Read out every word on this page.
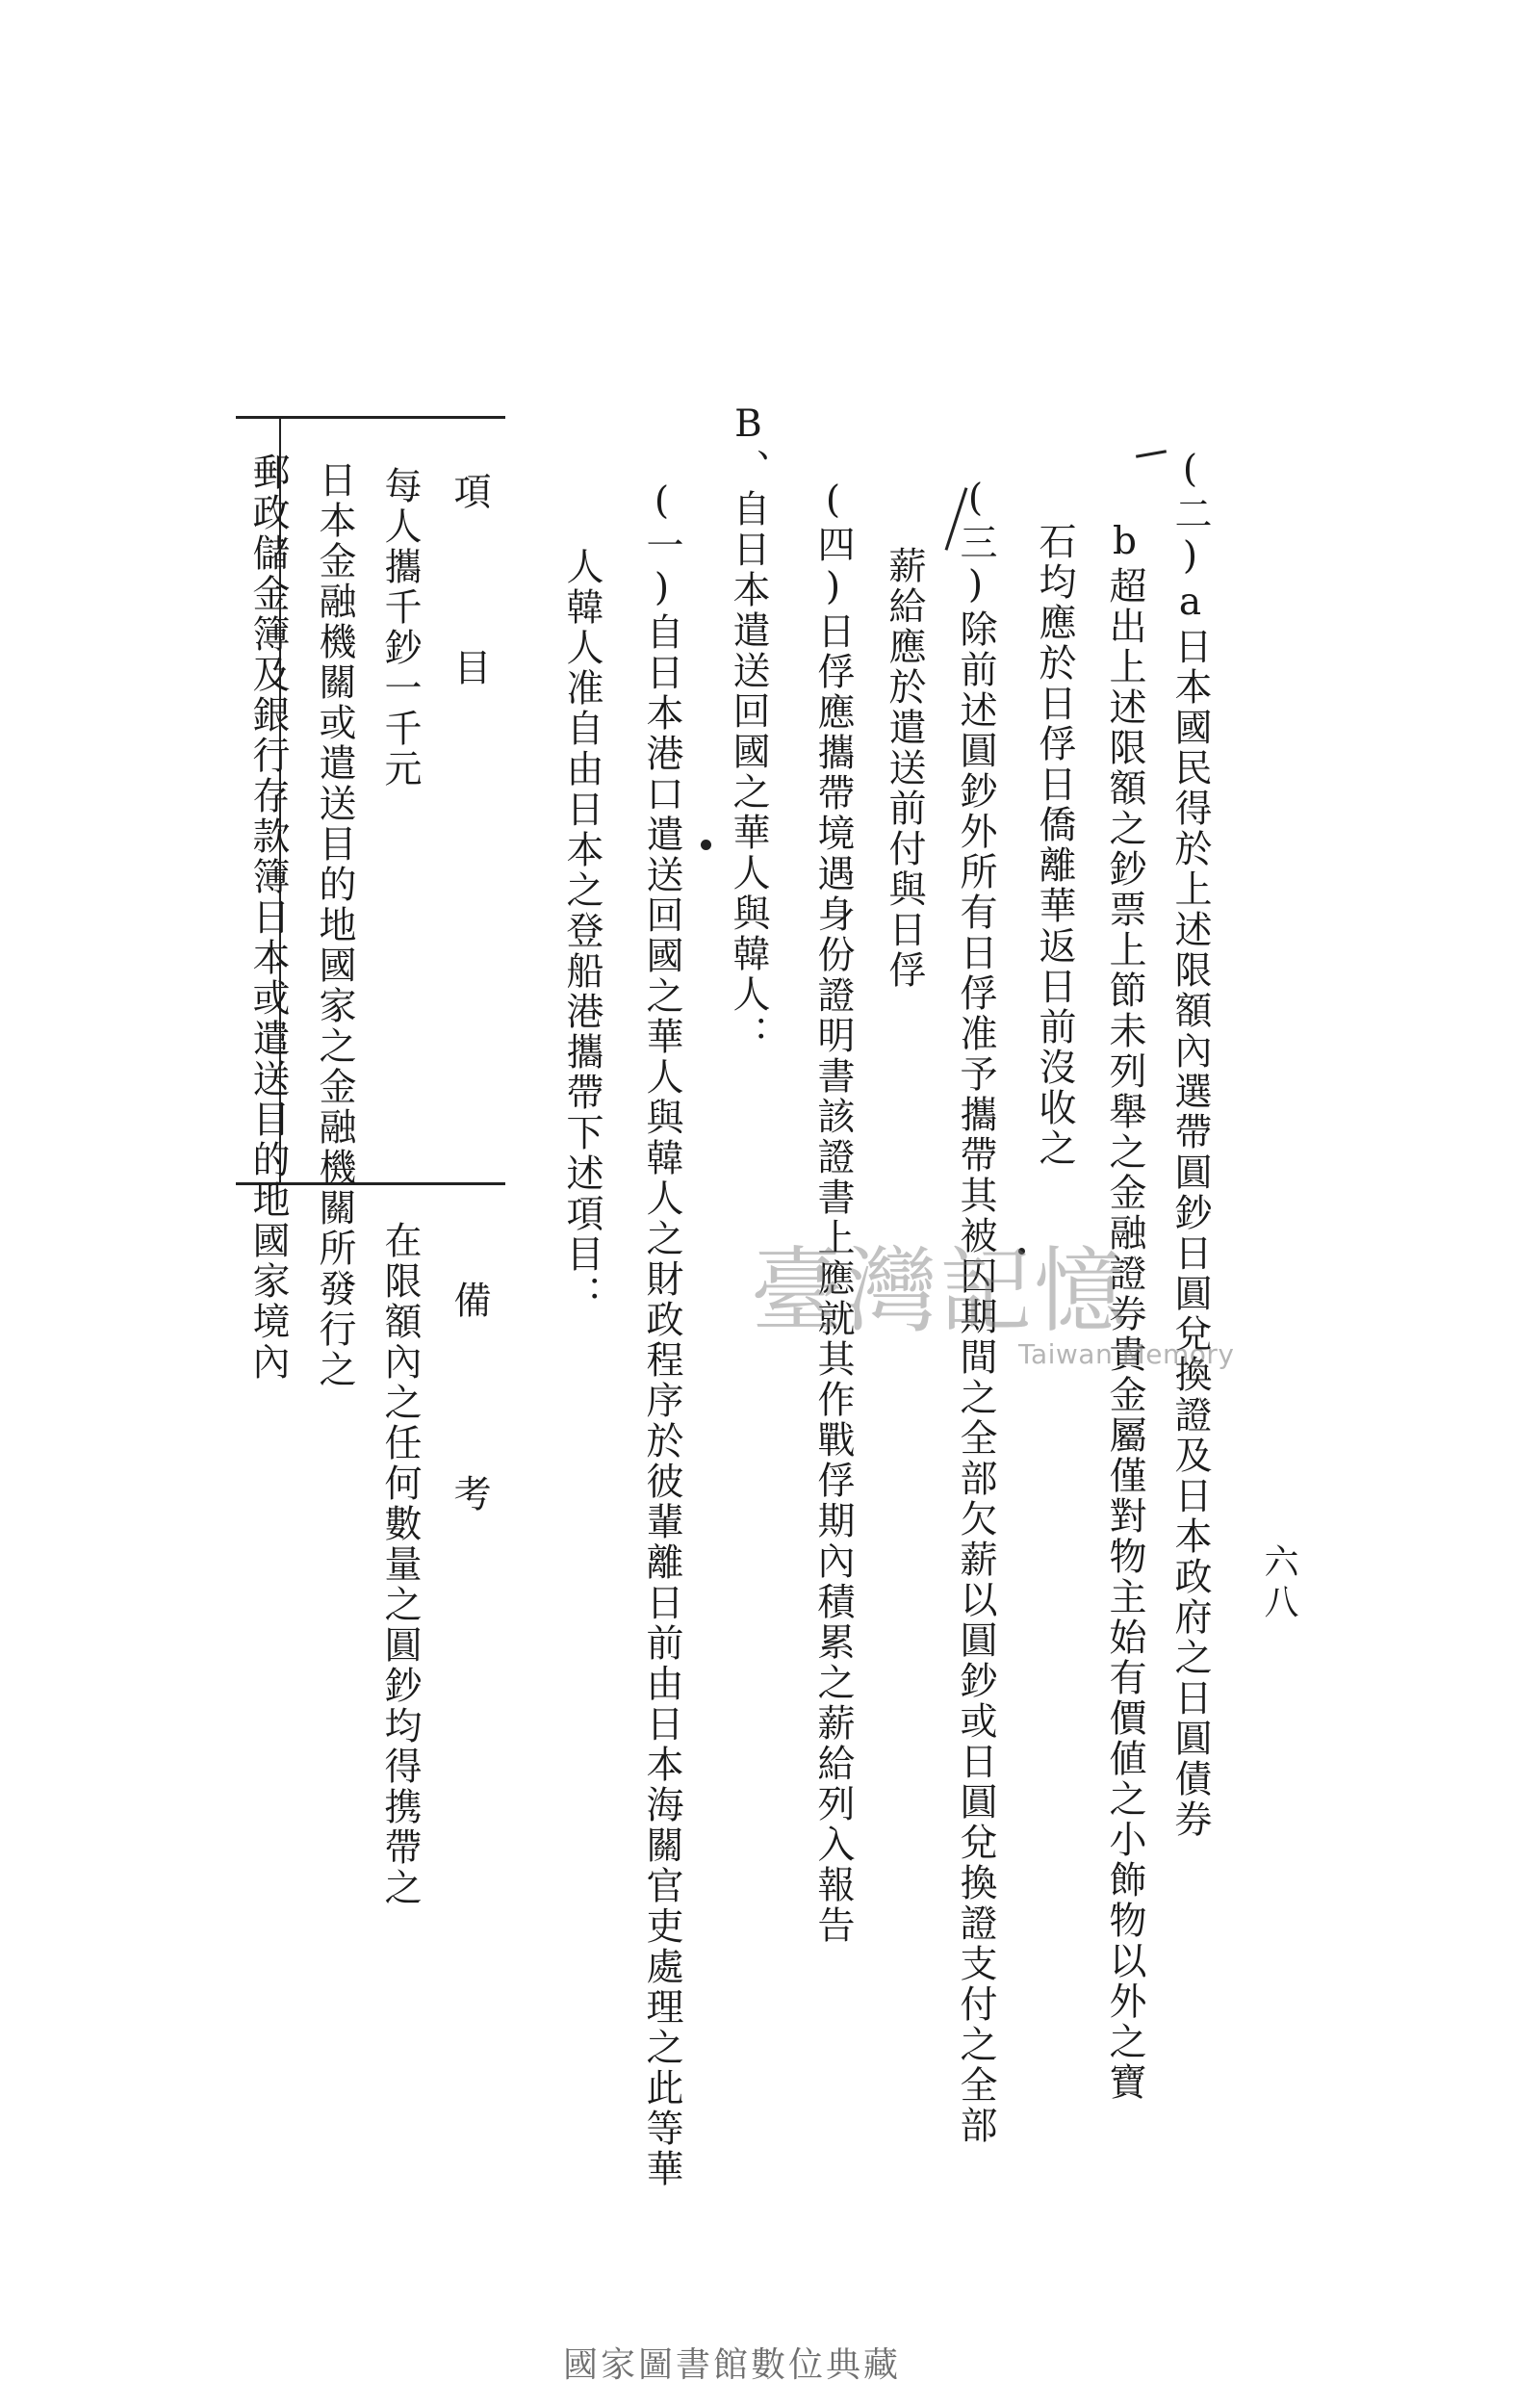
六八
(二)a日本國民得於上述限額內選帶圓鈔日圓兌換證及日本政府之日圓債券
b超出上述限額之鈔票上節未列舉之金融證券貴金屬僅對物主始有價値之小飾物以外之寶
石均應於日俘日僑離華返日前沒收之
(三)除前述圓鈔外所有日俘准予攜帶其被囚期間之全部欠薪以圓鈔或日圓兌換證支付之全部
薪給應於遣送前付與日俘
(四)日俘應攜帶境遇身份證明書該證書上應就其作戰俘期內積累之薪給列入報告
B、自日本遣送回國之華人與韓人：
(一)自日本港口遣送回國之華人與韓人之財政程序於彼輩離日前由日本海關官吏處理之此等華
人韓人准自由日本之登船港攜帶下述項目：
項　　目
備　　考
每人攜千鈔一千元
在限額內之任何數量之圓鈔均得携帶之
日本金融機關或遣送目的地國家之金融機關所發行之
郵政儲金簿及銀行存款簿日本或遣送目的地國家境內	臺灣記憶
Taiwan Memory
國家圖書館數位典藏
